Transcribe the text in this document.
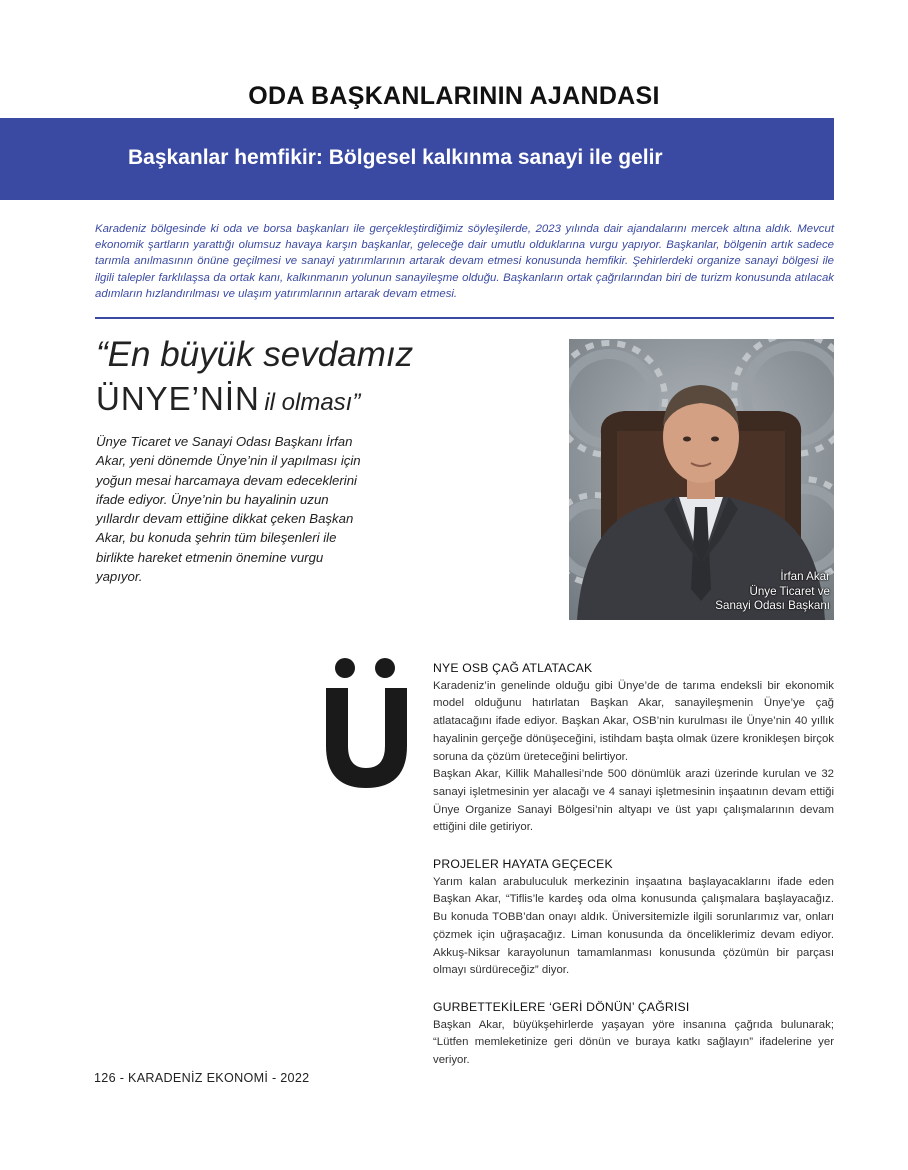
ODA BAŞKANLARININ AJANDASI
Başkanlar hemfikir: Bölgesel kalkınma sanayi ile gelir
Karadeniz bölgesinde ki oda ve borsa başkanları ile gerçekleştirdiğimiz söyleşilerde, 2023 yılında dair ajandalarını mercek altına aldık. Mevcut ekonomik şartların yarattığı olumsuz havaya karşın başkanlar, geleceğe dair umutlu olduklarına vurgu yapıyor. Başkanlar, bölgenin artık sadece tarımla anılmasının önüne geçilmesi ve sanayi yatırımlarının artarak devam etmesi konusunda hemfikir. Şehirlerdeki organize sanayi bölgesi ile ilgili talepler farklılaşsa da ortak kanı, kalkınmanın yolunun sanayileşme olduğu. Başkanların ortak çağrılarından biri de turizm konusunda atılacak adımların hızlandırılması ve ulaşım yatırımlarının artarak devam etmesi.
“En büyük sevdamız
ÜNYE’NİN il olması”
Ünye Ticaret ve Sanayi Odası Başkanı İrfan Akar, yeni dönemde Ünye’nin il yapılması için yoğun mesai harcamaya devam edeceklerini ifade ediyor. Ünye’nin bu hayalinin uzun yıllardır devam ettiğine dikkat çeken Başkan Akar, bu konuda şehrin tüm bileşenleri ile birlikte hareket etmenin önemine vurgu yapıyor.	İrfan Akar
Ünye Ticaret ve
Sanayi Odası Başkanı
NYE OSB ÇAĞ ATLATACAK

Karadeniz’in genelinde olduğu gibi Ünye’de de tarıma endeksli bir ekonomik model olduğunu hatırlatan Başkan Akar, sanayileşmenin Ünye’ye çağ atlatacağını ifade ediyor. Başkan Akar, OSB’nin kurulması ile Ünye’nin 40 yıllık hayalinin gerçeğe dönüşeceğini, istihdam başta olmak üzere kronikleşen birçok soruna da çözüm üreteceğini belirtiyor.

Başkan Akar, Killik Mahallesi’nde 500 dönümlük arazi üzerinde kurulan ve 32 sanayi işletmesinin yer alacağı ve 4 sanayi işletmesinin inşaatının devam ettiği Ünye Organize Sanayi Bölgesi’nin altyapı ve üst yapı çalışmalarının devam ettiğini dile getiriyor.

PROJELER HAYATA GEÇECEK

Yarım kalan arabuluculuk merkezinin inşaatına başlayacaklarını ifade eden Başkan Akar, “Tiflis’le kardeş oda olma konusunda çalışmalara başlayacağız. Bu konuda TOBB’dan onayı aldık. Üniversitemizle ilgili sorunlarımız var, onları çözmek için uğraşacağız. Liman konusunda da önceliklerimiz devam ediyor. Akkuş-Niksar karayolunun tamamlanması konusunda çözümün bir parçası olmayı sürdüreceğiz” diyor.

GURBETTEKİLERE ‘GERİ DÖNÜN’ ÇAĞRISI

Başkan Akar, büyükşehirlerde yaşayan yöre insanına çağrıda bulunarak; “Lütfen memleketinize geri dönün ve buraya katkı sağlayın” ifadelerine yer veriyor.

126 - KARADENİZ EKONOMİ - 2022
